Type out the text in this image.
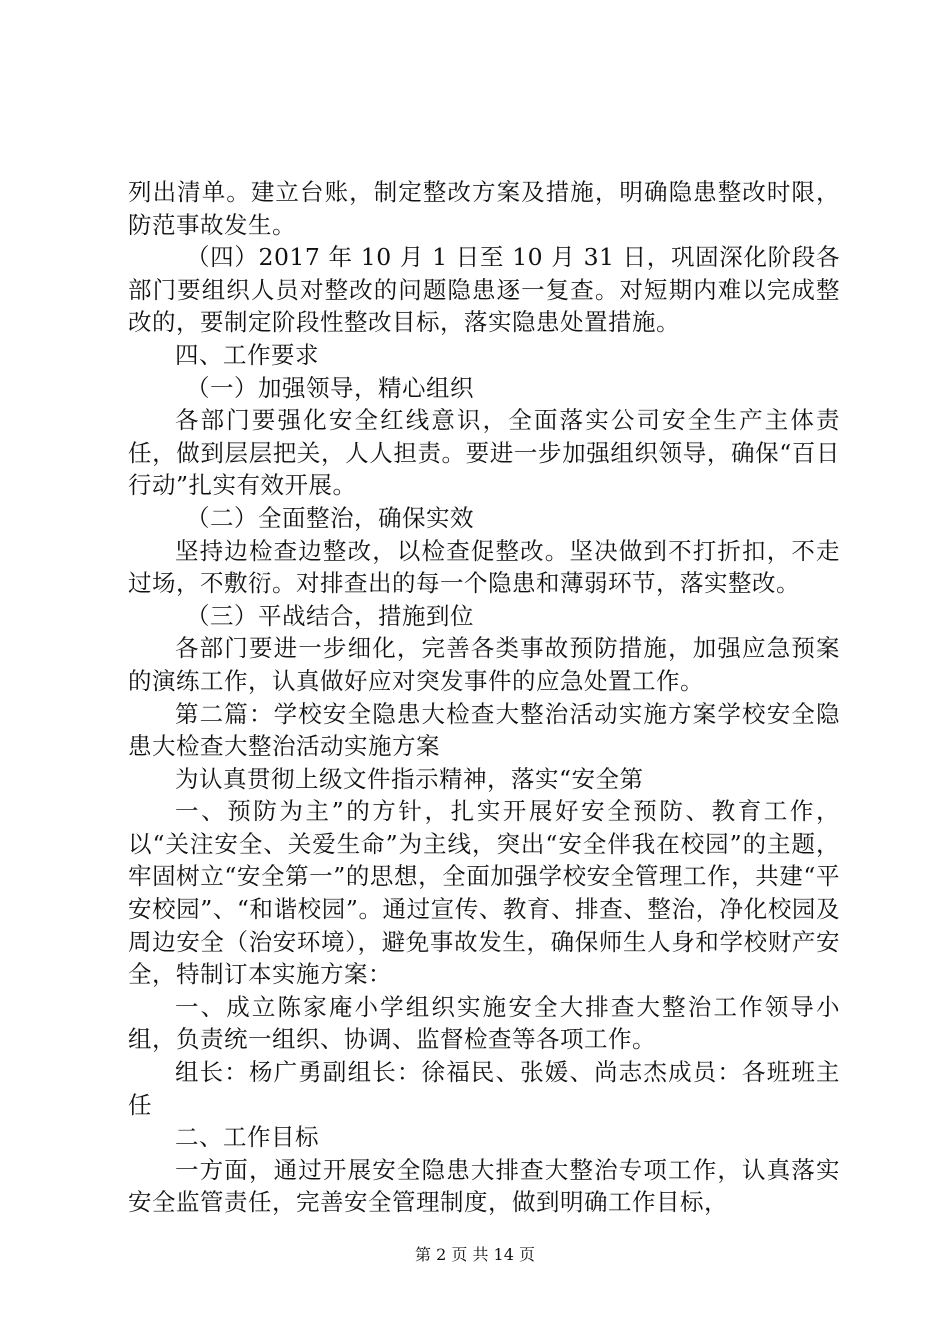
列出清单。建立台账，制定整改方案及措施，明确隐患整改时限，防范事故发生。

（四）2017 年 10 月 1 日至 10 月 31 日，巩固深化阶段各部门要组织人员对整改的问题隐患逐一复查。对短期内难以完成整改的，要制定阶段性整改目标，落实隐患处置措施。

四、工作要求

（一）加强领导，精心组织

各部门要强化安全红线意识，全面落实公司安全生产主体责任，做到层层把关，人人担责。要进一步加强组织领导，确保“百日行动”扎实有效开展。

（二）全面整治，确保实效

坚持边检查边整改，以检查促整改。坚决做到不打折扣，不走过场，不敷衍。对排查出的每一个隐患和薄弱环节，落实整改。

（三）平战结合，措施到位

各部门要进一步细化，完善各类事故预防措施，加强应急预案的演练工作，认真做好应对突发事件的应急处置工作。

第二篇：学校安全隐患大检查大整治活动实施方案学校安全隐患大检查大整治活动实施方案

为认真贯彻上级文件指示精神，落实“安全第

一、预防为主”的方针，扎实开展好安全预防、教育工作，以“关注安全、关爱生命”为主线，突出“安全伴我在校园”的主题，牢固树立“安全第一”的思想，全面加强学校安全管理工作，共建“平安校园”、“和谐校园”。通过宣传、教育、排查、整治，净化校园及周边安全（治安环境），避免事故发生，确保师生人身和学校财产安全，特制订本实施方案：

一、成立陈家庵小学组织实施安全大排查大整治工作领导小组，负责统一组织、协调、监督检查等各项工作。

组长：杨广勇副组长：徐福民、张媛、尚志杰成员：各班班主任

二、工作目标

一方面，通过开展安全隐患大排查大整治专项工作，认真落实安全监管责任，完善安全管理制度，做到明确工作目标，

第 2 页 共 14 页
